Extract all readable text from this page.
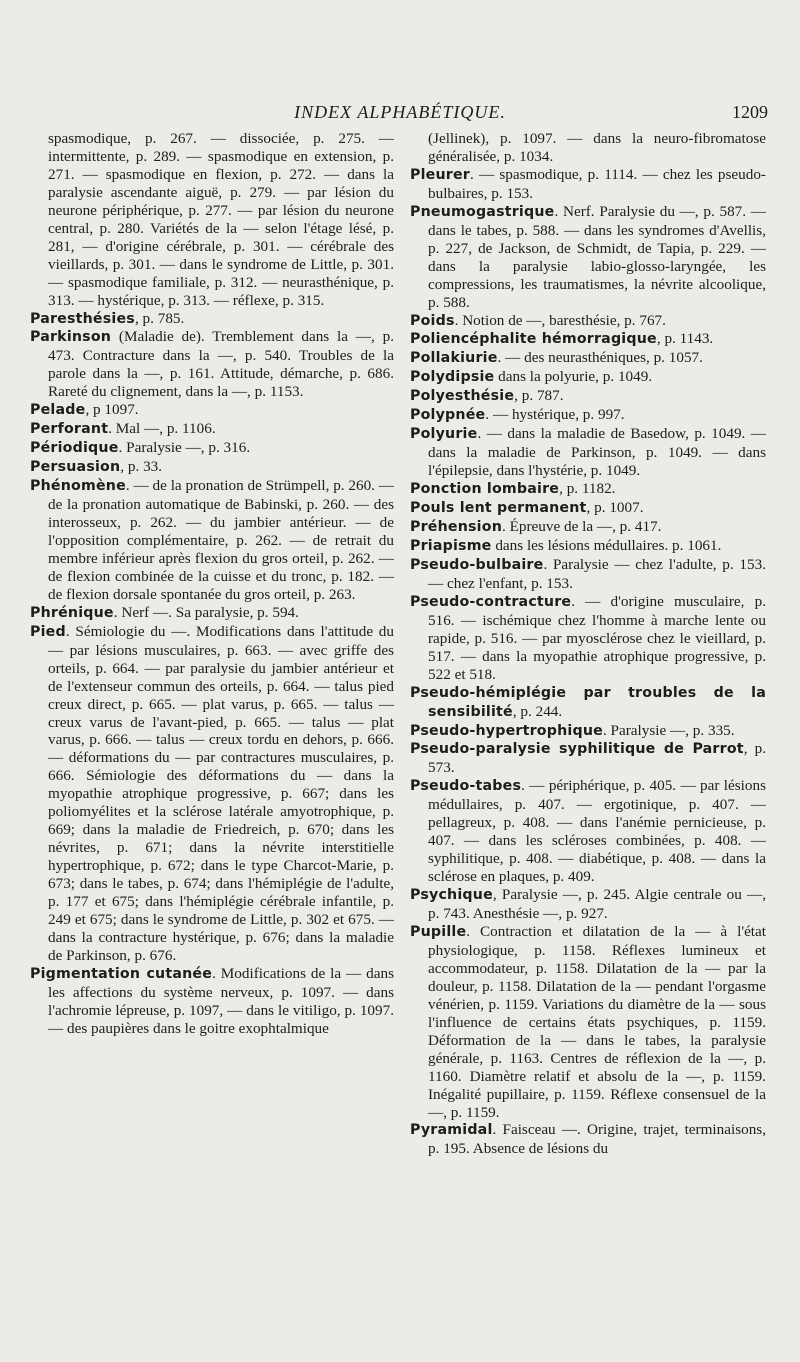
INDEX ALPHABÉTIQUE.	1209

spasmodique, p. 267. — dissociée, p. 275. — intermittente, p. 289. — spasmodique en extension, p. 271. — spasmodique en flexion, p. 272. — dans la paralysie ascendante aiguë, p. 279. — par lésion du neurone périphérique, p. 277. — par lésion du neurone central, p. 280. Variétés de la — selon l'étage lésé, p. 281, — d'origine cérébrale, p. 301. — cérébrale des vieillards, p. 301. — dans le syndrome de Little, p. 301. — spasmodique familiale, p. 312. — neurasthénique, p. 313. — hystérique, p. 313. — réflexe, p. 315.

Paresthésies, p. 785.

Parkinson (Maladie de). Tremblement dans la —, p. 473. Contracture dans la —, p. 540. Troubles de la parole dans la —, p. 161. Attitude, démarche, p. 686. Rareté du clignement, dans la —, p. 1153.

Pelade, p 1097.

Perforant. Mal —, p. 1106.

Périodique. Paralysie —, p. 316.

Persuasion, p. 33.

Phénomène. — de la pronation de Strümpell, p. 260. — de la pronation automatique de Babinski, p. 260. — des interosseux, p. 262. — du jambier antérieur. — de l'opposition complémentaire, p. 262. — de retrait du membre inférieur après flexion du gros orteil, p. 262. — de flexion combinée de la cuisse et du tronc, p. 182. — de flexion dorsale spontanée du gros orteil, p. 263.

Phrénique. Nerf —. Sa paralysie, p. 594.

Pied. Sémiologie du —. Modifications dans l'attitude du — par lésions musculaires, p. 663. — avec griffe des orteils, p. 664. — par paralysie du jambier antérieur et de l'extenseur commun des orteils, p. 664. — talus pied creux direct, p. 665. — plat varus, p. 665. — talus — creux varus de l'avant-pied, p. 665. — talus — plat varus, p. 666. — talus — creux tordu en dehors, p. 666. — déformations du — par contractures musculaires, p. 666. Sémiologie des déformations du — dans la myopathie atrophique progressive, p. 667; dans les poliomyélites et la sclérose latérale amyotrophique, p. 669; dans la maladie de Friedreich, p. 670; dans les névrites, p. 671; dans la névrite interstitielle hypertrophique, p. 672; dans le type Charcot-Marie, p. 673; dans le tabes, p. 674; dans l'hémiplégie de l'adulte, p. 177 et 675; dans l'hémiplégie cérébrale infantile, p. 249 et 675; dans le syndrome de Little, p. 302 et 675. — dans la contracture hystérique, p. 676; dans la maladie de Parkinson, p. 676.

Pigmentation cutanée. Modifications de la — dans les affections du système nerveux, p. 1097. — dans l'achromie lépreuse, p. 1097, — dans le vitiligo, p. 1097. — des paupières dans le goitre exophtalmique

(Jellinek), p. 1097. — dans la neuro-fibromatose généralisée, p. 1034.

Pleurer. — spasmodique, p. 1114. — chez les pseudo-bulbaires, p. 153.

Pneumogastrique. Nerf. Paralysie du —, p. 587. — dans le tabes, p. 588. — dans les syndromes d'Avellis, p. 227, de Jackson, de Schmidt, de Tapia, p. 229. — dans la paralysie labio-glosso-laryngée, les compressions, les traumatismes, la névrite alcoolique, p. 588.

Poids. Notion de —, baresthésie, p. 767.

Poliencéphalite hémorragique, p. 1143.

Pollakiurie. — des neurasthéniques, p. 1057.

Polydipsie dans la polyurie, p. 1049.

Polyesthésie, p. 787.

Polypnée. — hystérique, p. 997.

Polyurie. — dans la maladie de Basedow, p. 1049. — dans la maladie de Parkinson, p. 1049. — dans l'épilepsie, dans l'hystérie, p. 1049.

Ponction lombaire, p. 1182.

Pouls lent permanent, p. 1007.

Préhension. Épreuve de la —, p. 417.

Priapisme dans les lésions médullaires. p. 1061.

Pseudo-bulbaire. Paralysie — chez l'adulte, p. 153. — chez l'enfant, p. 153.

Pseudo-contracture. — d'origine musculaire, p. 516. — ischémique chez l'homme à marche lente ou rapide, p. 516. — par myosclérose chez le vieillard, p. 517. — dans la myopathie atrophique progressive, p. 522 et 518.

Pseudo-hémiplégie par troubles de la sensibilité, p. 244.

Pseudo-hypertrophique. Paralysie —, p. 335.

Pseudo-paralysie syphilitique de Parrot, p. 573.

Pseudo-tabes. — périphérique, p. 405. — par lésions médullaires, p. 407. — ergotinique, p. 407. — pellagreux, p. 408. — dans l'anémie pernicieuse, p. 407. — dans les scléroses combinées, p. 408. — syphilitique, p. 408. — diabétique, p. 408. — dans la sclérose en plaques, p. 409.

Psychique, Paralysie —, p. 245. Algie centrale ou —, p. 743. Anesthésie —, p. 927.

Pupille. Contraction et dilatation de la — à l'état physiologique, p. 1158. Réflexes lumineux et accommodateur, p. 1158. Dilatation de la — par la douleur, p. 1158. Dilatation de la — pendant l'orgasme vénérien, p. 1159. Variations du diamètre de la — sous l'influence de certains états psychiques, p. 1159. Déformation de la — dans le tabes, la paralysie générale, p. 1163. Centres de réflexion de la —, p. 1160. Diamètre relatif et absolu de la —, p. 1159. Inégalité pupillaire, p. 1159. Réflexe consensuel de la —, p. 1159.

Pyramidal. Faisceau —. Origine, trajet, terminaisons, p. 195. Absence de lésions du
